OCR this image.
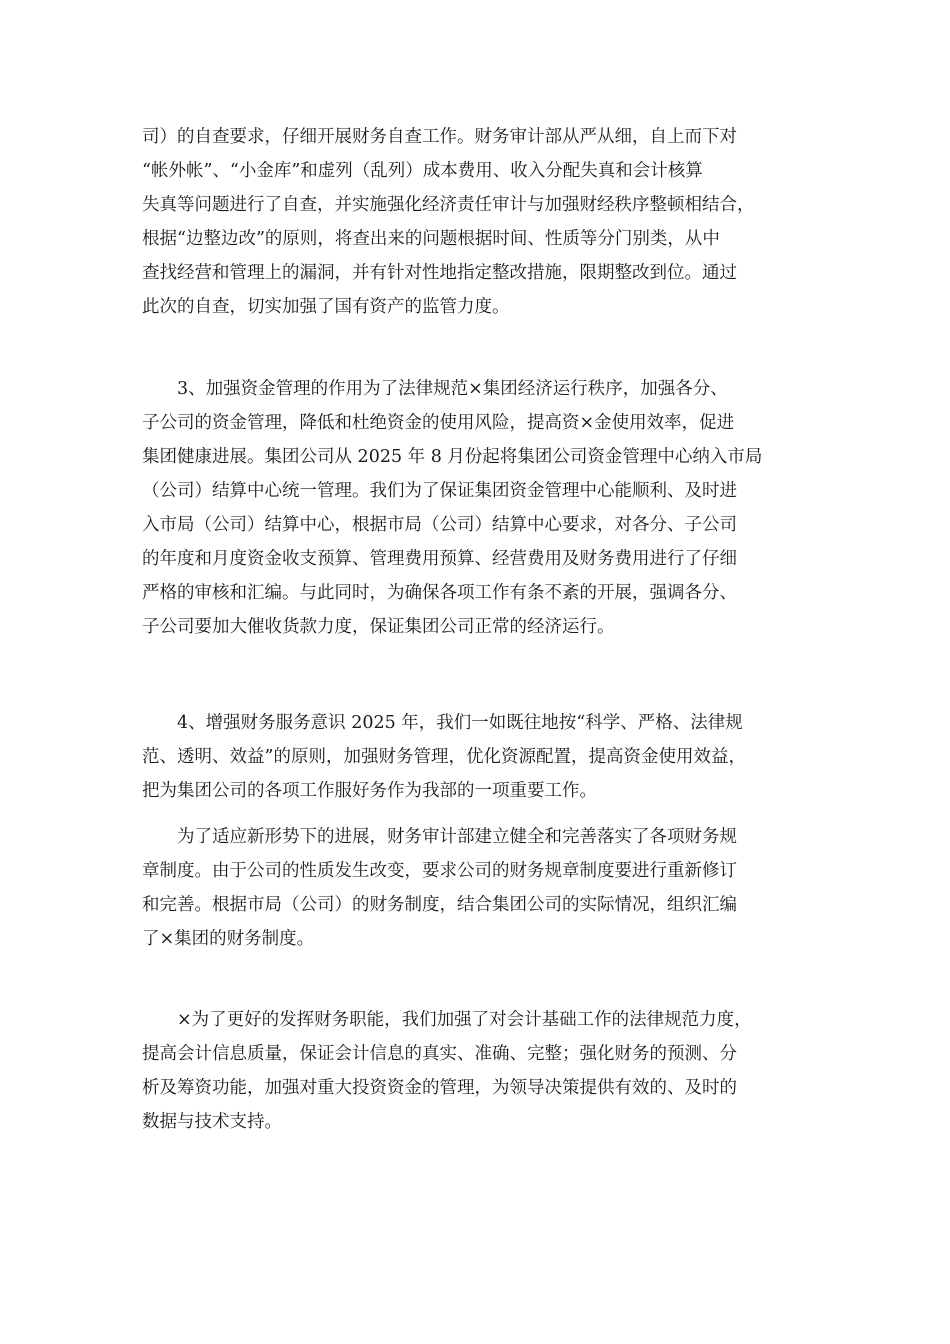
司）的自查要求，仔细开展财务自查工作。财务审计部从严从细，自上而下对
“帐外帐”、“小金库”和虚列（乱列）成本费用、收入分配失真和会计核算
失真等问题进行了自查，并实施强化经济责任审计与加强财经秩序整顿相结合，
根据“边整边改”的原则，将查出来的问题根据时间、性质等分门别类，从中
查找经营和管理上的漏洞，并有针对性地指定整改措施，限期整改到位。通过
此次的自查，切实加强了国有资产的监管力度。
　　3、加强资金管理的作用为了法律规范×集团经济运行秩序，加强各分、
子公司的资金管理，降低和杜绝资金的使用风险，提高资×金使用效率，促进
集团健康进展。集团公司从 2025 年 8 月份起将集团公司资金管理中心纳入市局
（公司）结算中心统一管理。我们为了保证集团资金管理中心能顺利、及时进
入市局（公司）结算中心，根据市局（公司）结算中心要求，对各分、子公司
的年度和月度资金收支预算、管理费用预算、经营费用及财务费用进行了仔细
严格的审核和汇编。与此同时，为确保各项工作有条不紊的开展，强调各分、
子公司要加大催收货款力度，保证集团公司正常的经济运行。
　　4、增强财务服务意识 2025 年，我们一如既往地按“科学、严格、法律规
范、透明、效益”的原则，加强财务管理，优化资源配置，提高资金使用效益，
把为集团公司的各项工作服好务作为我部的一项重要工作。
　　为了适应新形势下的进展，财务审计部建立健全和完善落实了各项财务规
章制度。由于公司的性质发生改变，要求公司的财务规章制度要进行重新修订
和完善。根据市局（公司）的财务制度，结合集团公司的实际情况，组织汇编
了×集团的财务制度。
　　×为了更好的发挥财务职能，我们加强了对会计基础工作的法律规范力度，
提高会计信息质量，保证会计信息的真实、准确、完整；强化财务的预测、分
析及筹资功能，加强对重大投资资金的管理，为领导决策提供有效的、及时的
数据与技术支持。
